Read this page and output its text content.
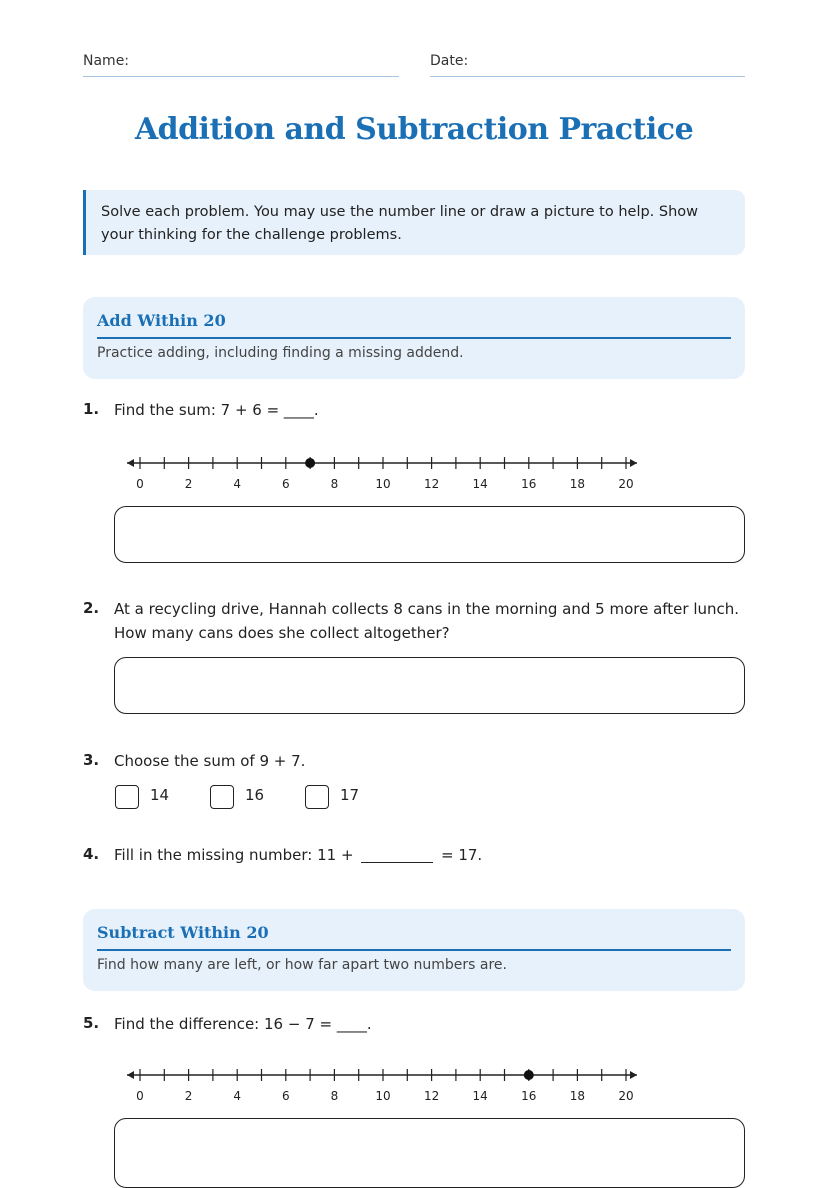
Name:	Date:
Addition and Subtraction Practice
Solve each problem. You may use the number line or draw a picture to help. Show your thinking for the challenge problems.
Add Within 20
Practice adding, including finding a missing addend.
1. Find the sum: 7 + 6 = ____.
0	2	4	6	8	10	12	14	16	18	20
2. At a recycling drive, Hannah collects 8 cans in the morning and 5 more after lunch. How many cans does she collect altogether?
3. Choose the sum of 9 + 7.
14	16	17
4. Fill in the missing number: 11 +	= 17.
Subtract Within 20
Find how many are left, or how far apart two numbers are.
5. Find the difference: 16 − 7 = ____.
0	2	4	6	8	10	12	14	16	18	20
